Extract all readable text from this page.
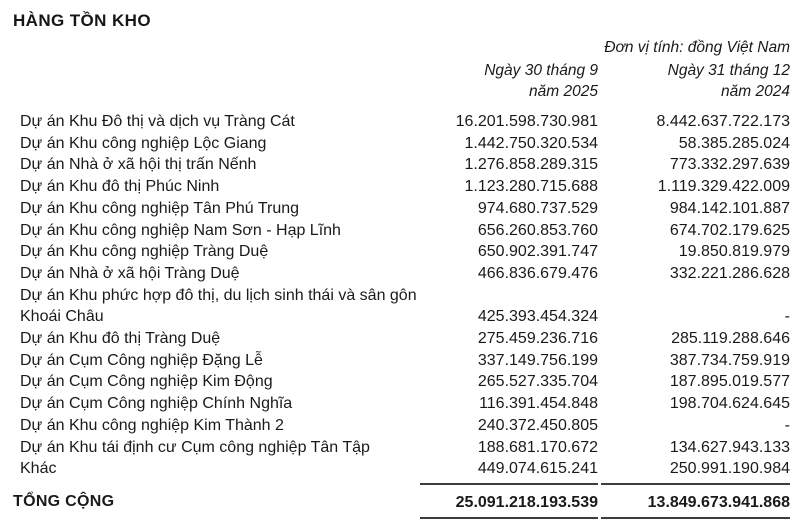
HÀNG TỒN KHO
Đơn vị tính: đồng Việt Nam
Ngày 30 tháng 9
năm 2025
Ngày 31 tháng 12
năm 2024
Dự án Khu Đô thị và dịch vụ Tràng Cát	16.201.598.730.981	8.442.637.722.173
Dự án Khu công nghiệp Lộc Giang	1.442.750.320.534	58.385.285.024
Dự án Nhà ở xã hội thị trấn Nếnh	1.276.858.289.315	773.332.297.639
Dự án Khu đô thị Phúc Ninh	1.123.280.715.688	1.119.329.422.009
Dự án Khu công nghiệp Tân Phú Trung	974.680.737.529	984.142.101.887
Dự án Khu công nghiệp Nam Sơn - Hạp Lĩnh	656.260.853.760	674.702.179.625
Dự án Khu công nghiệp Tràng Duệ	650.902.391.747	19.850.819.979
Dự án Nhà ở xã hội Tràng Duệ	466.836.679.476	332.221.286.628
Dự án Khu phức hợp đô thị, du lịch sinh thái và sân gôn Khoái Châu	425.393.454.324	-
Dự án Khu đô thị Tràng Duệ	275.459.236.716	285.119.288.646
Dự án Cụm Công nghiệp Đặng Lễ	337.149.756.199	387.734.759.919
Dự án Cụm Công nghiệp Kim Động	265.527.335.704	187.895.019.577
Dự án Cụm Công nghiệp Chính Nghĩa	116.391.454.848	198.704.624.645
Dự án Khu công nghiệp Kim Thành 2	240.372.450.805	-
Dự án Khu tái định cư Cụm công nghiệp Tân Tập	188.681.170.672	134.627.943.133
Khác	449.074.615.241	250.991.190.984
TỔNG CỘNG	25.091.218.193.539	13.849.673.941.868
